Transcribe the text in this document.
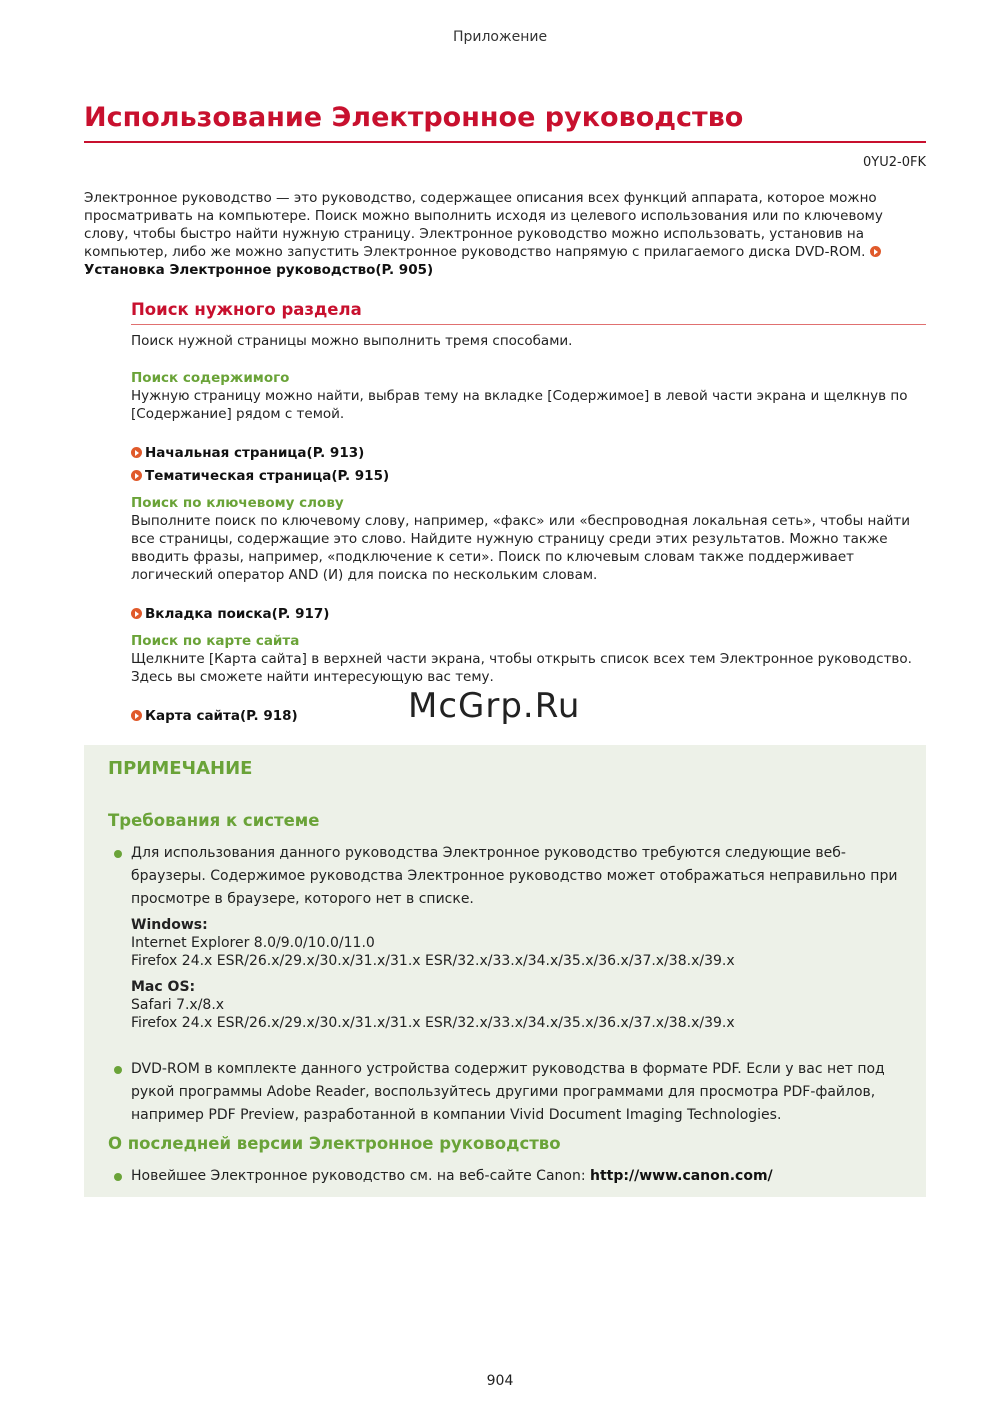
Приложение
Использование Электронное руководство
0YU2-0FK
Электронное руководство — это руководство, содержащее описания всех функций аппарата, которое можно просматривать на компьютере. Поиск можно выполнить исходя из целевого использования или по ключевому слову, чтобы быстро найти нужную страницу. Электронное руководство можно использовать, установив на компьютер, либо же можно запустить Электронное руководство напрямую с прилагаемого диска DVD-ROM.  Установка Электронное руководство(P. 905)
Поиск нужного раздела
Поиск нужной страницы можно выполнить тремя способами.
Поиск содержимого
Нужную страницу можно найти, выбрав тему на вкладке [Содержимое] в левой части экрана и щелкнув по [Содержание] рядом с темой.
Начальная страница(P. 913)
Тематическая страница(P. 915)
Поиск по ключевому слову
Выполните поиск по ключевому слову, например, «факс» или «беспроводная локальная сеть», чтобы найти все страницы, содержащие это слово. Найдите нужную страницу среди этих результатов. Можно также вводить фразы, например, «подключение к сети». Поиск по ключевым словам также поддерживает логический оператор AND (И) для поиска по нескольким словам.
Вкладка поиска(P. 917)
Поиск по карте сайта
Щелкните [Карта сайта] в верхней части экрана, чтобы открыть список всех тем Электронное руководство. Здесь вы сможете найти интересующую вас тему.
Карта сайта(P. 918)	McGrp.Ru
ПРИМЕЧАНИЕ
Требования к системе
Для использования данного руководства Электронное руководство требуются следующие веб-браузеры. Содержимое руководства Электронное руководство может отображаться неправильно при просмотре в браузере, которого нет в списке.
Windows:
Internet Explorer 8.0/9.0/10.0/11.0
Firefox 24.x ESR/26.x/29.x/30.x/31.x/31.x ESR/32.x/33.x/34.x/35.x/36.x/37.x/38.x/39.x
Mac OS:
Safari 7.x/8.x
Firefox 24.x ESR/26.x/29.x/30.x/31.x/31.x ESR/32.x/33.x/34.x/35.x/36.x/37.x/38.x/39.x
DVD-ROM в комплекте данного устройства содержит руководства в формате PDF. Если у вас нет под рукой программы Adobe Reader, воспользуйтесь другими программами для просмотра PDF-файлов, например PDF Preview, разработанной в компании Vivid Document Imaging Technologies.
О последней версии Электронное руководство
Новейшее Электронное руководство см. на веб-сайте Canon: http://www.canon.com/
904
